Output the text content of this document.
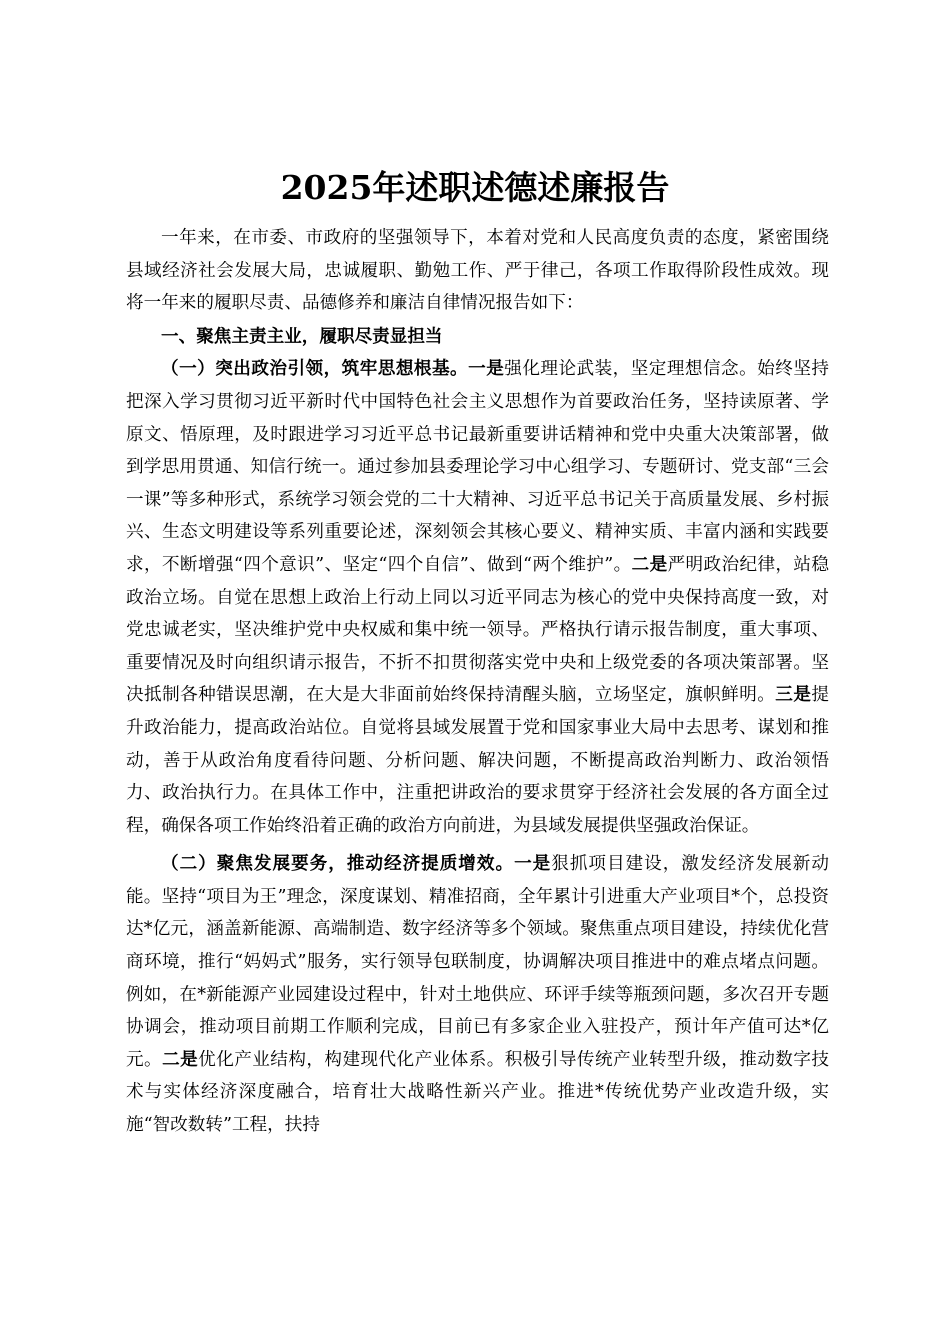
2025年述职述德述廉报告

一年来，在市委、市政府的坚强领导下，本着对党和人民高度负责的态度，紧密围绕县域经济社会发展大局，忠诚履职、勤勉工作、严于律己，各项工作取得阶段性成效。现将一年来的履职尽责、品德修养和廉洁自律情况报告如下：

一、聚焦主责主业，履职尽责显担当

（一）突出政治引领，筑牢思想根基。一是强化理论武装，坚定理想信念。始终坚持把深入学习贯彻习近平新时代中国特色社会主义思想作为首要政治任务，坚持读原著、学原文、悟原理，及时跟进学习习近平总书记最新重要讲话精神和党中央重大决策部署，做到学思用贯通、知信行统一。通过参加县委理论学习中心组学习、专题研讨、党支部“三会一课”等多种形式，系统学习领会党的二十大精神、习近平总书记关于高质量发展、乡村振兴、生态文明建设等系列重要论述，深刻领会其核心要义、精神实质、丰富内涵和实践要求，不断增强“四个意识”、坚定“四个自信”、做到“两个维护”。二是严明政治纪律，站稳政治立场。自觉在思想上政治上行动上同以习近平同志为核心的党中央保持高度一致，对党忠诚老实，坚决维护党中央权威和集中统一领导。严格执行请示报告制度，重大事项、重要情况及时向组织请示报告，不折不扣贯彻落实党中央和上级党委的各项决策部署。坚决抵制各种错误思潮，在大是大非面前始终保持清醒头脑，立场坚定，旗帜鲜明。三是提升政治能力，提高政治站位。自觉将县域发展置于党和国家事业大局中去思考、谋划和推动，善于从政治角度看待问题、分析问题、解决问题，不断提高政治判断力、政治领悟力、政治执行力。在具体工作中，注重把讲政治的要求贯穿于经济社会发展的各方面全过程，确保各项工作始终沿着正确的政治方向前进，为县域发展提供坚强政治保证。

（二）聚焦发展要务，推动经济提质增效。一是狠抓项目建设，激发经济发展新动能。坚持“项目为王”理念，深度谋划、精准招商，全年累计引进重大产业项目*个，总投资达*亿元，涵盖新能源、高端制造、数字经济等多个领域。聚焦重点项目建设，持续优化营商环境，推行“妈妈式”服务，实行领导包联制度，协调解决项目推进中的难点堵点问题。例如，在*新能源产业园建设过程中，针对土地供应、环评手续等瓶颈问题，多次召开专题协调会，推动项目前期工作顺利完成，目前已有多家企业入驻投产，预计年产值可达*亿元。二是优化产业结构，构建现代化产业体系。积极引导传统产业转型升级，推动数字技术与实体经济深度融合，培育壮大战略性新兴产业。推进*传统优势产业改造升级，实施“智改数转”工程，扶持
